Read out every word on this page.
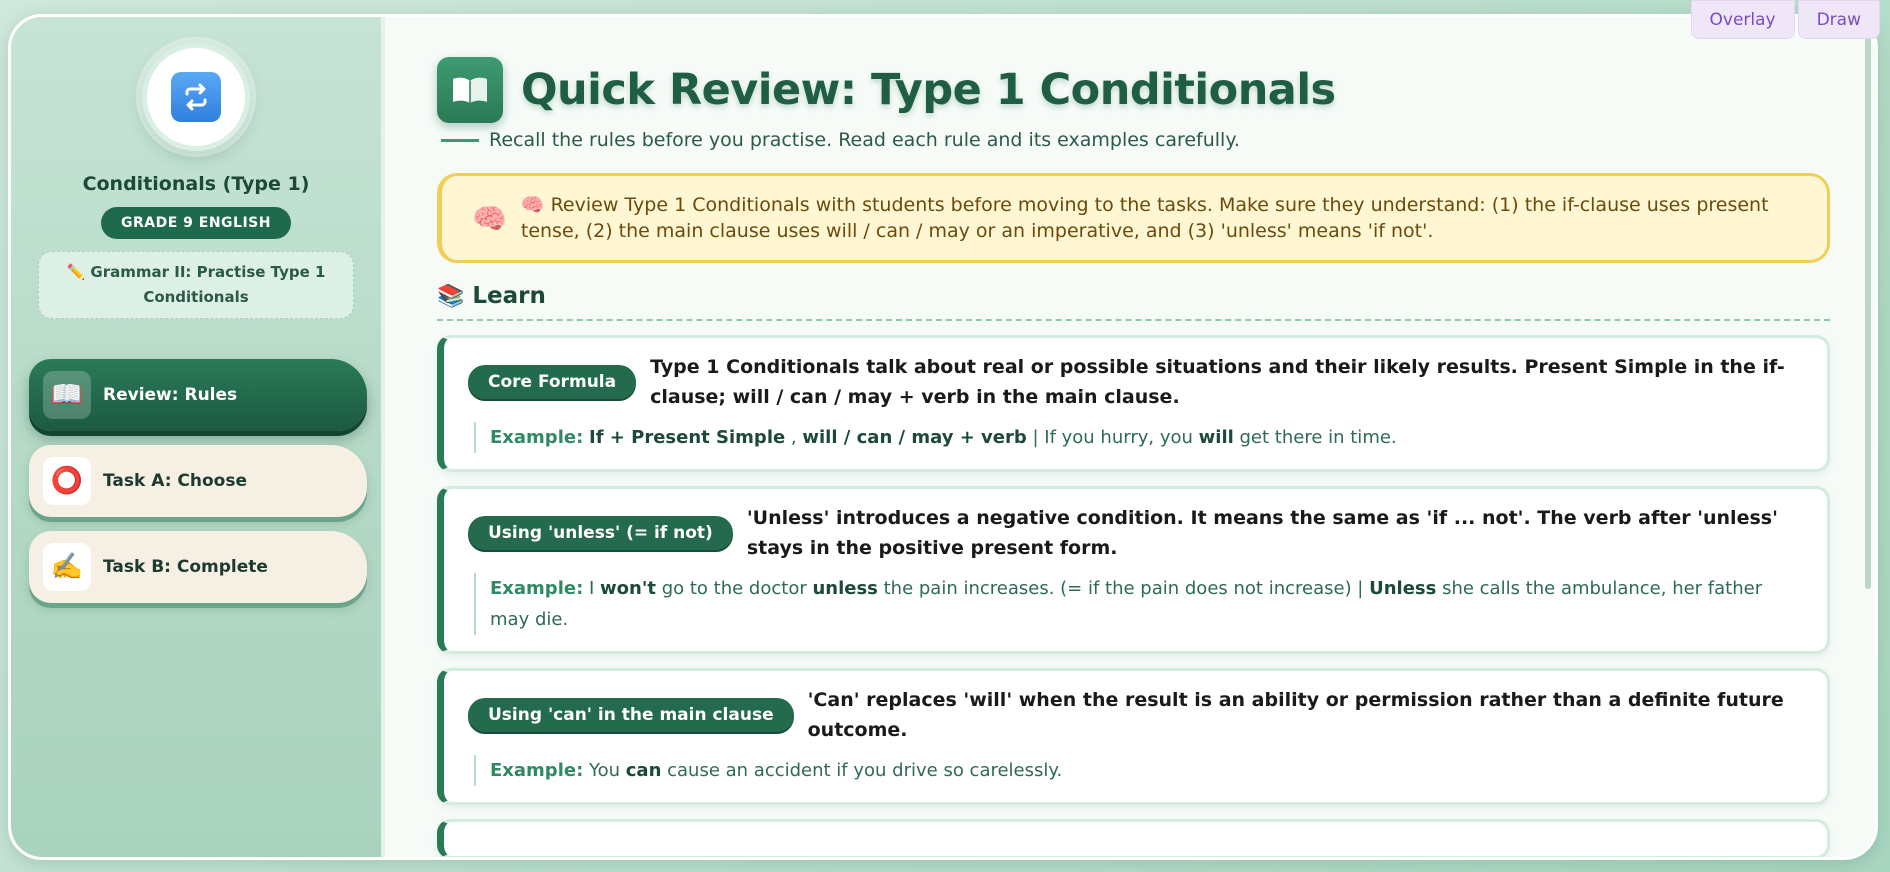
Overlay	Draw
Conditionals (Type 1)
GRADE 9 ENGLISH
✏️ Grammar II: Practise Type 1 Conditionals
📖	Review: Rules
⭕	Task A: Choose
✍️	Task B: Complete
Quick Review: Type 1 Conditionals

Recall the rules before you practise. Read each rule and its examples carefully.

🧠 🧠 Review Type 1 Conditionals with students before moving to the tasks. Make sure they understand: (1) the if-clause uses present tense, (2) the main clause uses will / can / may or an imperative, and (3) 'unless' means 'if not'.

📚 Learn
Core Formula

Type 1 Conditionals talk about real or possible situations and their likely results. Present Simple in the if-clause; will / can / may + verb in the main clause.

Example: If + Present Simple , will / can / may + verb | If you hurry, you will get there in time.

Using 'unless' (= if not)

'Unless' introduces a negative condition. It means the same as 'if ... not'. The verb after 'unless' stays in the positive present form.

Example: I won't go to the doctor unless the pain increases. (= if the pain does not increase) | Unless she calls the ambulance, her father may die.

Using 'can' in the main clause

'Can' replaces 'will' when the result is an ability or permission rather than a definite future outcome.

Example: You can cause an accident if you drive so carelessly.
